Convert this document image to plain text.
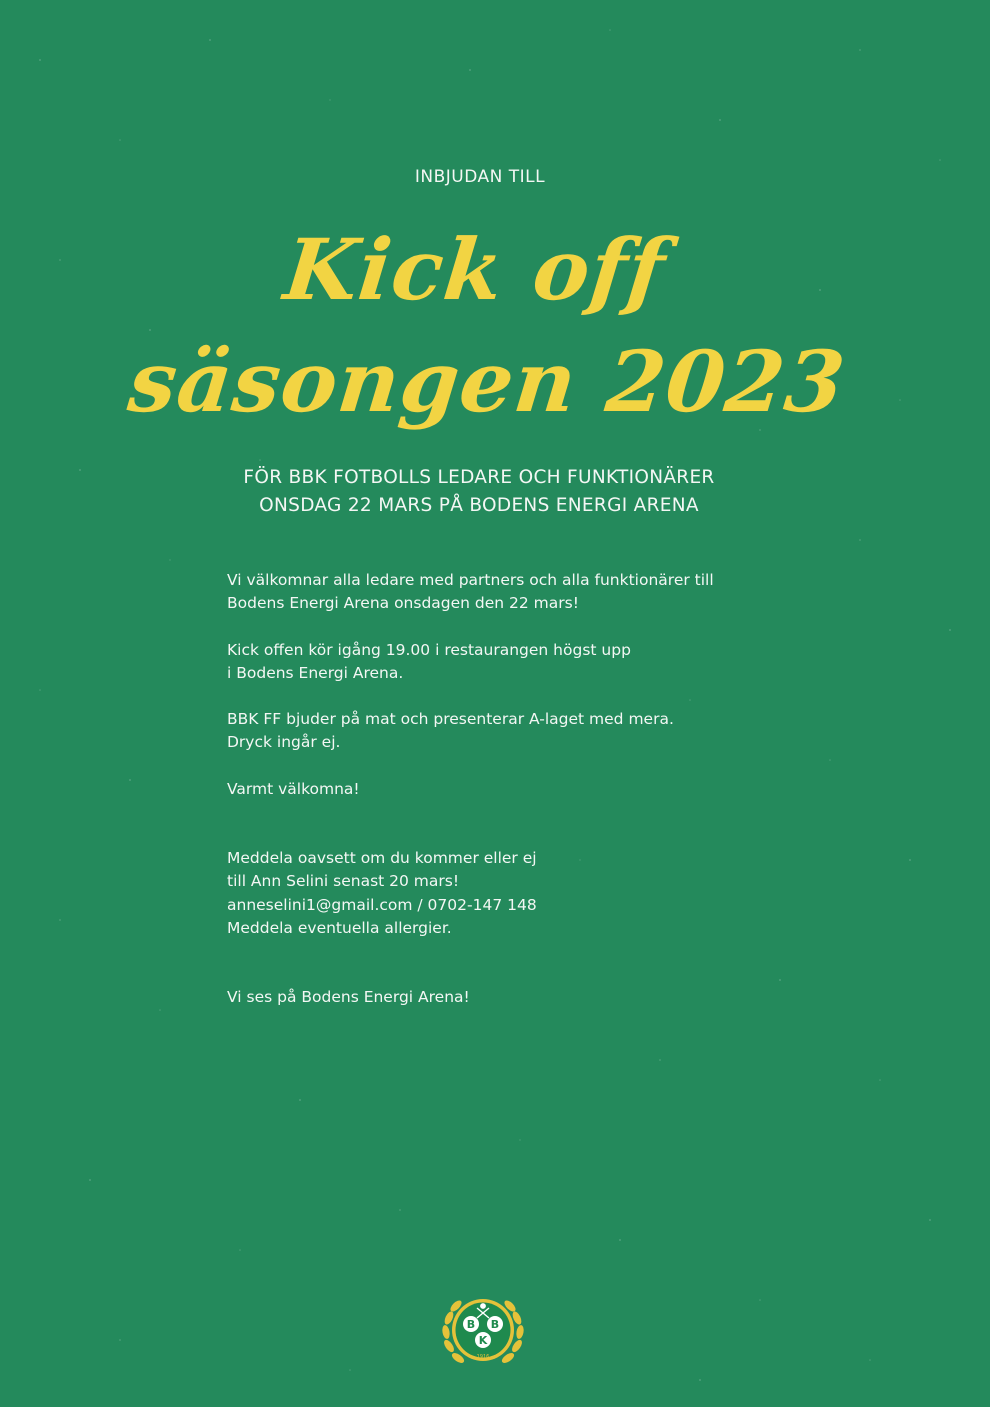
INBJUDAN TILL
Kick off
säsongen 2023
FÖR BBK FOTBOLLS LEDARE OCH FUNKTIONÄRER
ONSDAG 22 MARS PÅ BODENS ENERGI ARENA

Vi välkomnar alla ledare med partners och alla funktionärer till

Bodens Energi Arena onsdagen den 22 mars!

Kick offen kör igång 19.00 i restaurangen högst upp

i Bodens Energi Arena.

BBK FF bjuder på mat och presenterar A-laget med mera.

Dryck ingår ej.

Varmt välkomna!

Meddela oavsett om du kommer eller ej

till Ann Selini senast 20 mars!

anneselini1@gmail.com / 0702-147 148

Meddela eventuella allergier.

Vi ses på Bodens Energi Arena!

B B
K
1916
